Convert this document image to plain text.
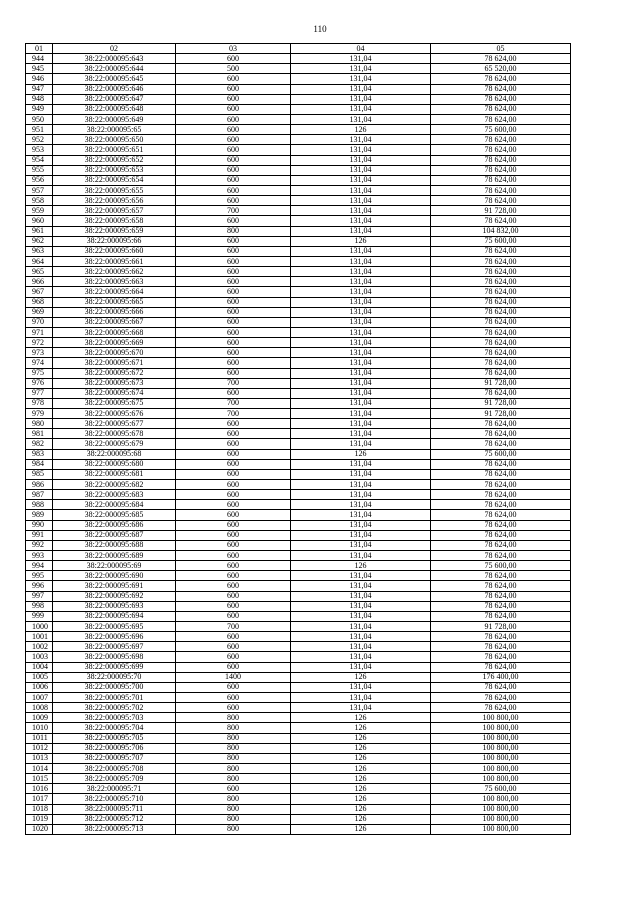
110
01	02	03	04	05
944	38:22:000095:643	600	131,04	78 624,00
945	38:22:000095:644	500	131,04	65 520,00
946	38:22:000095:645	600	131,04	78 624,00
947	38:22:000095:646	600	131,04	78 624,00
948	38:22:000095:647	600	131,04	78 624,00
949	38:22:000095:648	600	131,04	78 624,00
950	38:22:000095:649	600	131,04	78 624,00
951	38:22:000095:65	600	126	75 600,00
952	38:22:000095:650	600	131,04	78 624,00
953	38:22:000095:651	600	131,04	78 624,00
954	38:22:000095:652	600	131,04	78 624,00
955	38:22:000095:653	600	131,04	78 624,00
956	38:22:000095:654	600	131,04	78 624,00
957	38:22:000095:655	600	131,04	78 624,00
958	38:22:000095:656	600	131,04	78 624,00
959	38:22:000095:657	700	131,04	91 728,00
960	38:22:000095:658	600	131,04	78 624,00
961	38:22:000095:659	800	131,04	104 832,00
962	38:22:000095:66	600	126	75 600,00
963	38:22:000095:660	600	131,04	78 624,00
964	38:22:000095:661	600	131,04	78 624,00
965	38:22:000095:662	600	131,04	78 624,00
966	38:22:000095:663	600	131,04	78 624,00
967	38:22:000095:664	600	131,04	78 624,00
968	38:22:000095:665	600	131,04	78 624,00
969	38:22:000095:666	600	131,04	78 624,00
970	38:22:000095:667	600	131,04	78 624,00
971	38:22:000095:668	600	131,04	78 624,00
972	38:22:000095:669	600	131,04	78 624,00
973	38:22:000095:670	600	131,04	78 624,00
974	38:22:000095:671	600	131,04	78 624,00
975	38:22:000095:672	600	131,04	78 624,00
976	38:22:000095:673	700	131,04	91 728,00
977	38:22:000095:674	600	131,04	78 624,00
978	38:22:000095:675	700	131,04	91 728,00
979	38:22:000095:676	700	131,04	91 728,00
980	38:22:000095:677	600	131,04	78 624,00
981	38:22:000095:678	600	131,04	78 624,00
982	38:22:000095:679	600	131,04	78 624,00
983	38:22:000095:68	600	126	75 600,00
984	38:22:000095:680	600	131,04	78 624,00
985	38:22:000095:681	600	131,04	78 624,00
986	38:22:000095:682	600	131,04	78 624,00
987	38:22:000095:683	600	131,04	78 624,00
988	38:22:000095:684	600	131,04	78 624,00
989	38:22:000095:685	600	131,04	78 624,00
990	38:22:000095:686	600	131,04	78 624,00
991	38:22:000095:687	600	131,04	78 624,00
992	38:22:000095:688	600	131,04	78 624,00
993	38:22:000095:689	600	131,04	78 624,00
994	38:22:000095:69	600	126	75 600,00
995	38:22:000095:690	600	131,04	78 624,00
996	38:22:000095:691	600	131,04	78 624,00
997	38:22:000095:692	600	131,04	78 624,00
998	38:22:000095:693	600	131,04	78 624,00
999	38:22:000095:694	600	131,04	78 624,00
1000	38:22:000095:695	700	131,04	91 728,00
1001	38:22:000095:696	600	131,04	78 624,00
1002	38:22:000095:697	600	131,04	78 624,00
1003	38:22:000095:698	600	131,04	78 624,00
1004	38:22:000095:699	600	131,04	78 624,00
1005	38:22:000095:70	1400	126	176 400,00
1006	38:22:000095:700	600	131,04	78 624,00
1007	38:22:000095:701	600	131,04	78 624,00
1008	38:22:000095:702	600	131,04	78 624,00
1009	38:22:000095:703	800	126	100 800,00
1010	38:22:000095:704	800	126	100 800,00
1011	38:22:000095:705	800	126	100 800,00
1012	38:22:000095:706	800	126	100 800,00
1013	38:22:000095:707	800	126	100 800,00
1014	38:22:000095:708	800	126	100 800,00
1015	38:22:000095:709	800	126	100 800,00
1016	38:22:000095:71	600	126	75 600,00
1017	38:22:000095:710	800	126	100 800,00
1018	38:22:000095:711	800	126	100 800,00
1019	38:22:000095:712	800	126	100 800,00
1020	38:22:000095:713	800	126	100 800,00
